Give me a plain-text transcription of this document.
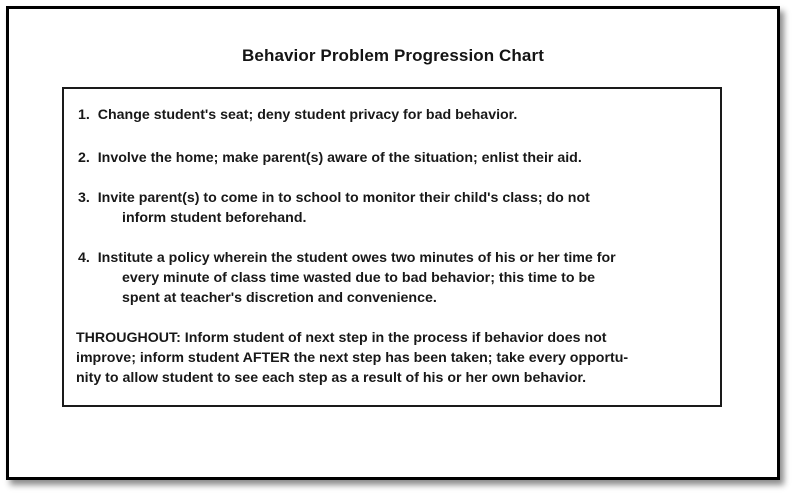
Behavior Problem Progression Chart
1. Change student's seat; deny student privacy for bad behavior.
2. Involve the home; make parent(s) aware of the situation; enlist their aid.
3. Invite parent(s) to come in to school to monitor their child's class; do not
inform student beforehand.
4. Institute a policy wherein the student owes two minutes of his or her time for
every minute of class time wasted due to bad behavior; this time to be
spent at teacher's discretion and convenience.
THROUGHOUT: Inform student of next step in the process if behavior does not
improve; inform student AFTER the next step has been taken; take every opportu-
nity to allow student to see each step as a result of his or her own behavior.
